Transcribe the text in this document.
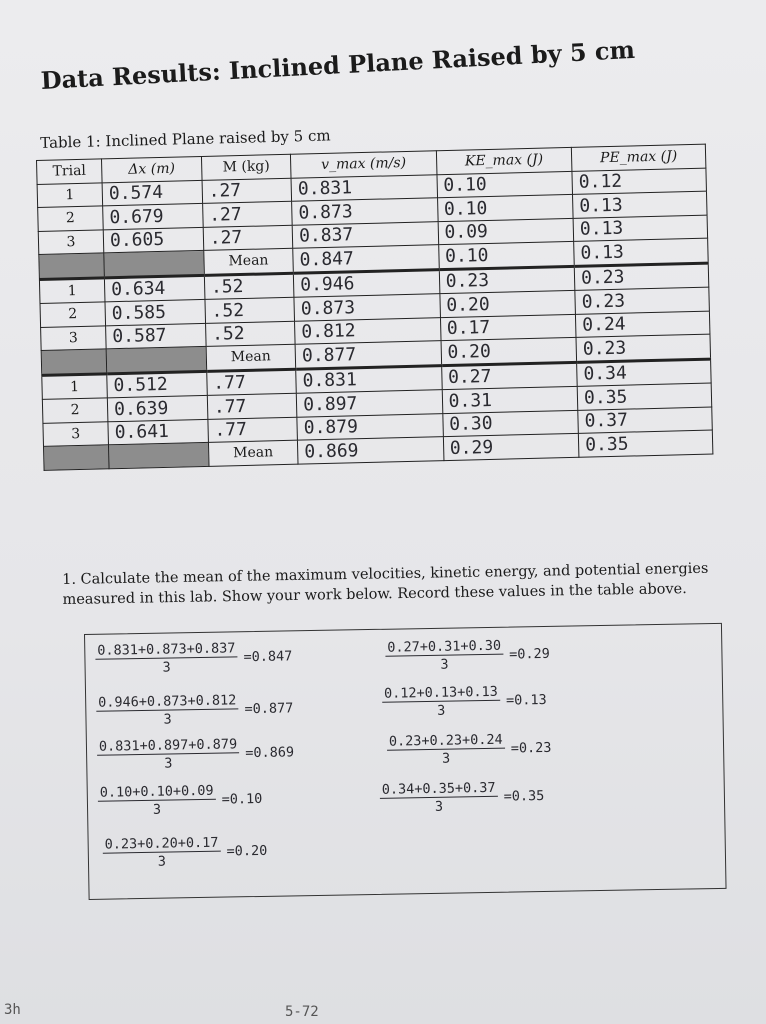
Data Results: Inclined Plane Raised by 5 cm
Table 1: Inclined Plane raised by 5 cm
Trial	Δx (m)	M (kg)	v_max (m/s)	KE_max (J)	PE_max (J)
1	0.574	.27	0.831	0.10	0.12
2	0.679	.27	0.873	0.10	0.13
3	0.605	.27	0.837	0.09	0.13
		Mean	0.847	0.10	0.13
1	0.634	.52	0.946	0.23	0.23
2	0.585	.52	0.873	0.20	0.23
3	0.587	.52	0.812	0.17	0.24
		Mean	0.877	0.20	0.23
1	0.512	.77	0.831	0.27	0.34
2	0.639	.77	0.897	0.31	0.35
3	0.641	.77	0.879	0.30	0.37
		Mean	0.869	0.29	0.35
1. Calculate the mean of the maximum velocities, kinetic energy, and potential energies measured in this lab. Show your work below. Record these values in the table above.
$\frac{0.831+0.873+0.837}{3} =0.847$
$\frac{0.946+0.873+0.812}{3} =0.877$
$\frac{0.831+0.897+0.879}{3} =0.869$
$\frac{0.10+0.10+0.09}{3} =0.10$
$\frac{0.23+0.20+0.17}{3} =0.20$
$\frac{0.27+0.31+0.30}{3} =0.29$
$\frac{0.12+0.13+0.13}{3} =0.13$
$\frac{0.23+0.23+0.24}{3} =0.23$
$\frac{0.34+0.35+0.37}{3} =0.35$
5-72
3h
